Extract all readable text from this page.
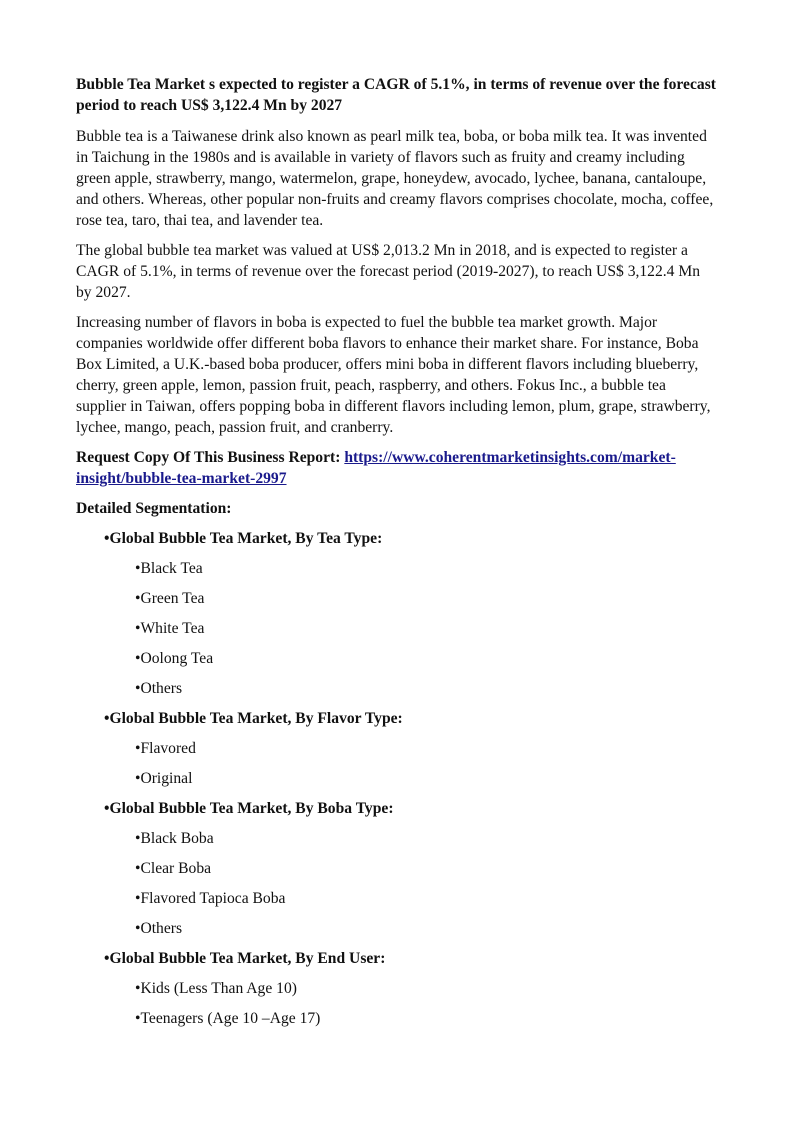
Bubble Tea Market s expected to register a CAGR of 5.1%, in terms of revenue over the forecast period to reach US$ 3,122.4 Mn by 2027

Bubble tea is a Taiwanese drink also known as pearl milk tea, boba, or boba milk tea. It was invented in Taichung in the 1980s and is available in variety of flavors such as fruity and creamy including green apple, strawberry, mango, watermelon, grape, honeydew, avocado, lychee, banana, cantaloupe, and others. Whereas, other popular non-fruits and creamy flavors comprises chocolate, mocha, coffee, rose tea, taro, thai tea, and lavender tea.

The global bubble tea market was valued at US$ 2,013.2 Mn in 2018, and is expected to register a CAGR of 5.1%, in terms of revenue over the forecast period (2019-2027), to reach US$ 3,122.4 Mn by 2027.

Increasing number of flavors in boba is expected to fuel the bubble tea market growth. Major companies worldwide offer different boba flavors to enhance their market share. For instance, Boba Box Limited, a U.K.-based boba producer, offers mini boba in different flavors including blueberry, cherry, green apple, lemon, passion fruit, peach, raspberry, and others. Fokus Inc., a bubble tea supplier in Taiwan, offers popping boba in different flavors including lemon, plum, grape, strawberry, lychee, mango, peach, passion fruit, and cranberry.

Request Copy Of This Business Report: https://www.coherentmarketinsights.com/market-insight/bubble-tea-market-2997

Detailed Segmentation:

•Global Bubble Tea Market, By Tea Type:
•Black Tea
•Green Tea
•White Tea
•Oolong Tea
•Others
•Global Bubble Tea Market, By Flavor Type:
•Flavored
•Original
•Global Bubble Tea Market, By Boba Type:
•Black Boba
•Clear Boba
•Flavored Tapioca Boba
•Others
•Global Bubble Tea Market, By End User:
•Kids (Less Than Age 10)
•Teenagers (Age 10 –Age 17)
